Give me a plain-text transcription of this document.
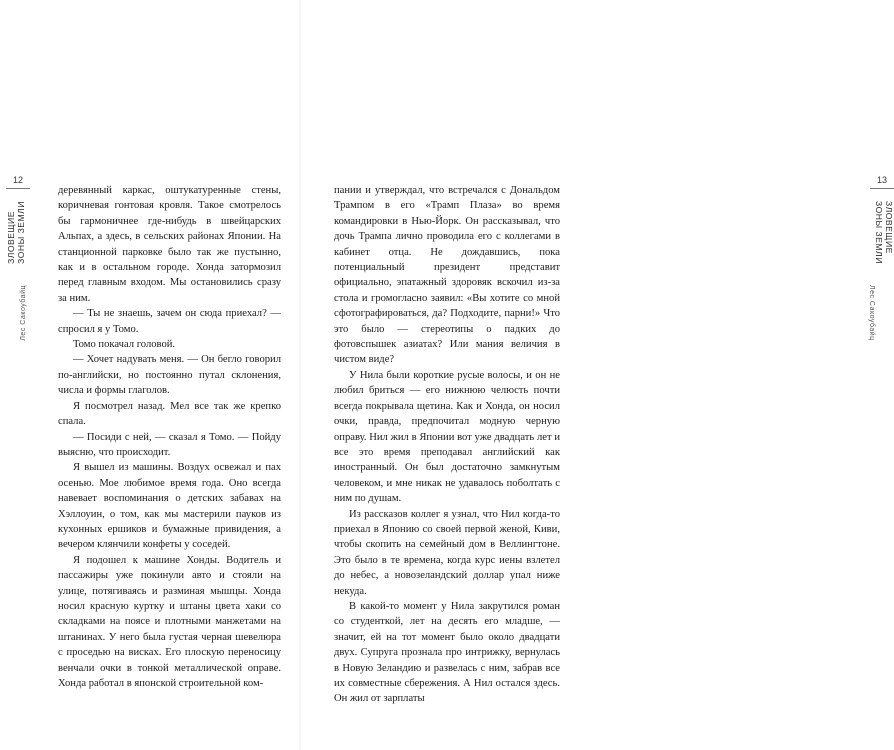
12
ЗЛОВЕЩИЕ
ЗОНЫ ЗЕМЛИ
Лес Сакоубайц

деревянный каркас, оштукатуренные стены, коричневая гонтовая кровля. Такое смотрелось бы гармоничнее где-нибудь в швейцарских Альпах, а здесь, в сельских районах Японии. На станционной парковке было так же пустынно, как и в остальном городе. Хонда затормозил перед главным входом. Мы остановились сразу за ним.

— Ты не знаешь, зачем он сюда приехал? — спросил я у Томо.

Томо покачал головой.

— Хочет надувать меня. — Он бегло говорил по-английски, но постоянно путал склонения, числа и формы глаголов.

Я посмотрел назад. Мел все так же крепко спала.

— Посиди с ней, — сказал я Томо. — Пойду выясню, что происходит.

Я вышел из машины. Воздух освежал и пах осенью. Мое любимое время года. Оно всегда навевает воспоминания о детских забавах на Хэллоуин, о том, как мы мастерили пауков из кухонных ершиков и бумажные привидения, а вечером клянчили конфеты у соседей.

Я подошел к машине Хонды. Водитель и пассажиры уже покинули авто и стояли на улице, потягиваясь и разминая мышцы. Хонда носил красную куртку и штаны цвета хаки со складками на поясе и плотными манжетами на штанинах. У него была густая черная шевелюра с проседью на висках. Его плоскую переносицу венчали очки в тонкой металлической оправе. Хонда работал в японской строительной ком-

13
ЗЛОВЕЩИЕ
ЗОНЫ ЗЕМЛИ
Лес Сакоубайц

пании и утверждал, что встречался с Дональдом Трампом в его «Трамп Плаза» во время командировки в Нью-Йорк. Он рассказывал, что дочь Трампа лично проводила его с коллегами в кабинет отца. Не дождавшись, пока потенциальный президент представит официально, эпатажный здоровяк вскочил из-за стола и громогласно заявил: «Вы хотите со мной сфотографироваться, да? Подходите, парни!» Что это было — стереотипы о падких до фотовспышек азиатах? Или мания величия в чистом виде?

У Нила были короткие русые волосы, и он не любил бриться — его нижнюю челюсть почти всегда покрывала щетина. Как и Хонда, он носил очки, правда, предпочитал модную черную оправу. Нил жил в Японии вот уже двадцать лет и все это время преподавал английский как иностранный. Он был достаточно замкнутым человеком, и мне никак не удавалось поболтать с ним по душам.

Из рассказов коллег я узнал, что Нил когда-то приехал в Японию со своей первой женой, Киви, чтобы скопить на семейный дом в Веллингтоне. Это было в те времена, когда курс иены взлетел до небес, а новозеландский доллар упал ниже некуда.

В какой-то момент у Нила закрутился роман со студенткой, лет на десять его младше, — значит, ей на тот момент было около двадцати двух. Супруга прознала про интрижку, вернулась в Новую Зеландию и развелась с ним, забрав все их совместные сбережения. А Нил остался здесь. Он жил от зарплаты
